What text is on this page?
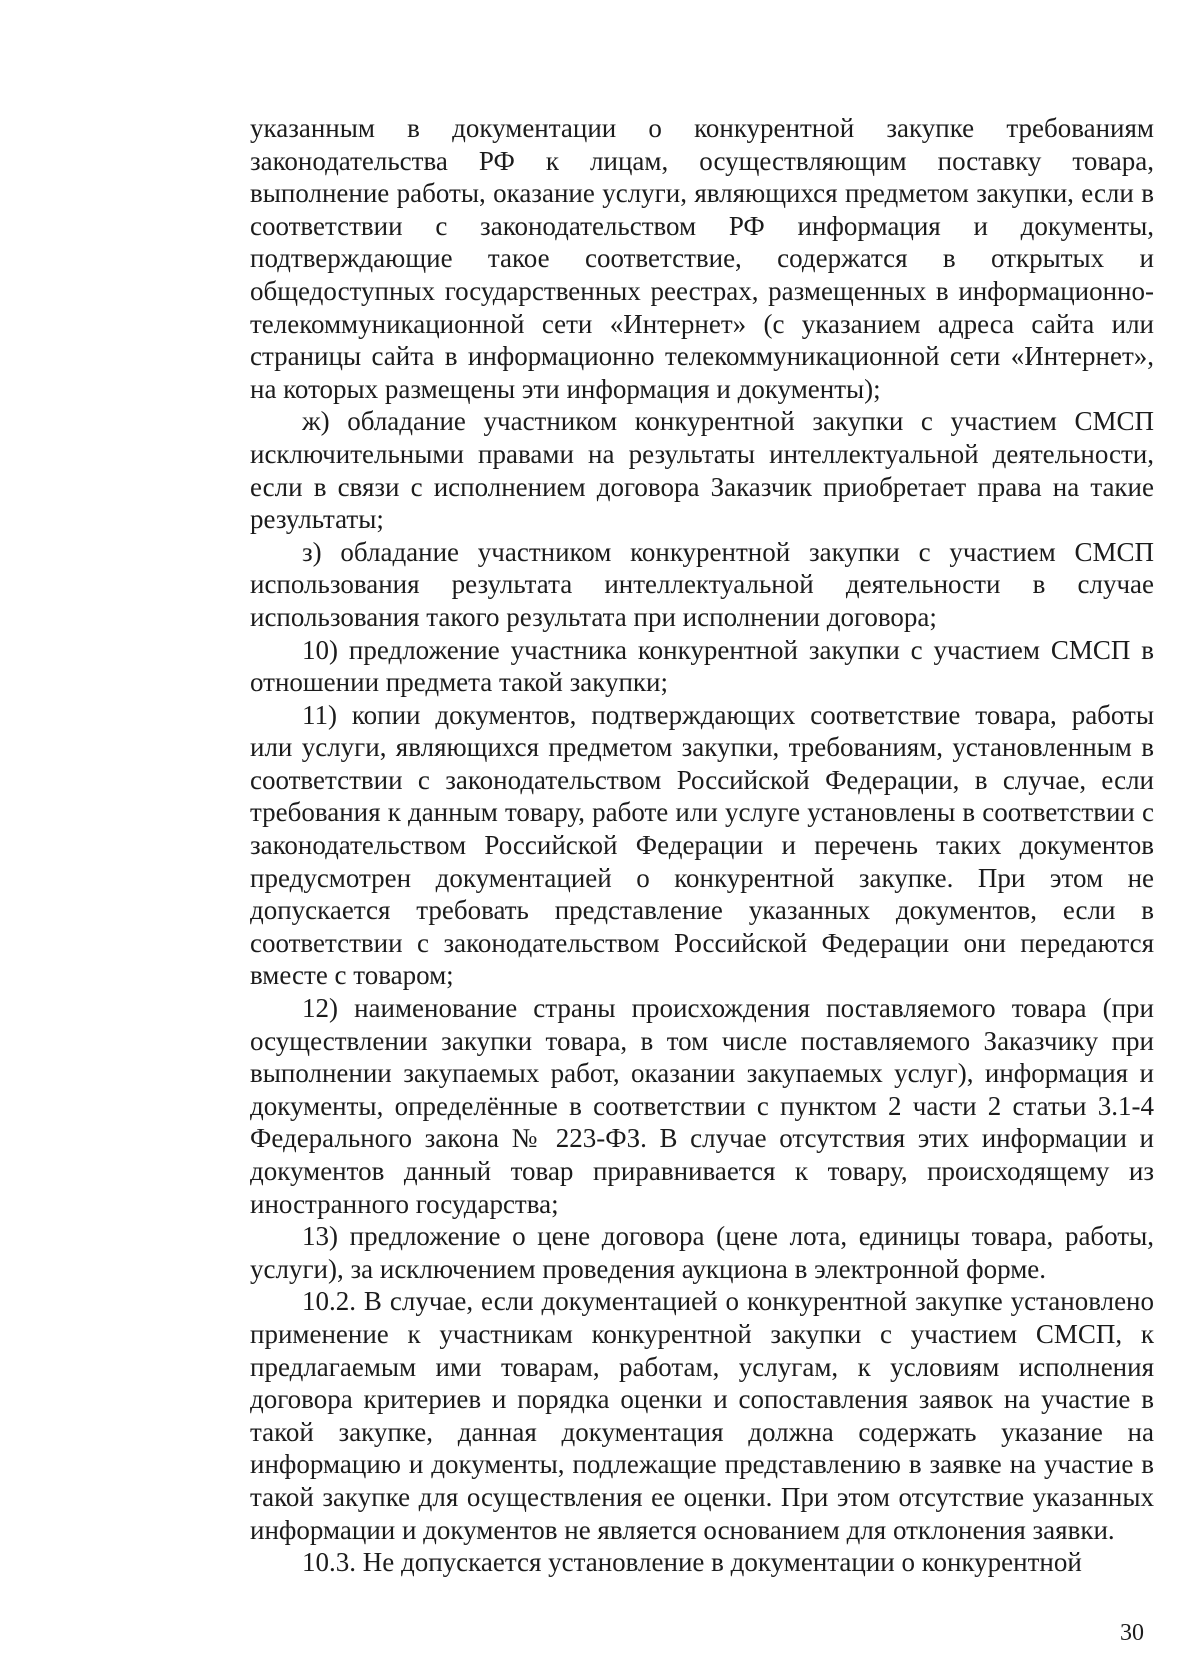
указанным в документации о конкурентной закупке требованиям законодательства РФ к лицам, осуществляющим поставку товара, выполнение работы, оказание услуги, являющихся предметом закупки, если в соответствии с законодательством РФ информация и документы, подтверждающие такое соответствие, содержатся в открытых и общедоступных государственных реестрах, размещенных в информационно-телекоммуникационной сети «Интернет» (с указанием адреса сайта или страницы сайта в информационно телекоммуникационной сети «Интернет», на которых размещены эти информация и документы);

ж) обладание участником конкурентной закупки с участием СМСП исключительными правами на результаты интеллектуальной деятельности, если в связи с исполнением договора Заказчик приобретает права на такие результаты;

з) обладание участником конкурентной закупки с участием СМСП использования результата интеллектуальной деятельности в случае использования такого результата при исполнении договора;

10) предложение участника конкурентной закупки с участием СМСП в отношении предмета такой закупки;

11) копии документов, подтверждающих соответствие товара, работы или услуги, являющихся предметом закупки, требованиям, установленным в соответствии с законодательством Российской Федерации, в случае, если требования к данным товару, работе или услуге установлены в соответствии с законодательством Российской Федерации и перечень таких документов предусмотрен документацией о конкурентной закупке. При этом не допускается требовать представление указанных документов, если в соответствии с законодательством Российской Федерации они передаются вместе с товаром;

12) наименование страны происхождения поставляемого товара (при осуществлении закупки товара, в том числе поставляемого Заказчику при выполнении закупаемых работ, оказании закупаемых услуг), информация и документы, определённые в соответствии с пунктом 2 части 2 статьи 3.1-4 Федерального закона № 223-ФЗ. В случае отсутствия этих информации и документов данный товар приравнивается к товару, происходящему из иностранного государства;

13) предложение о цене договора (цене лота, единицы товара, работы, услуги), за исключением проведения аукциона в электронной форме.

10.2. В случае, если документацией о конкурентной закупке установлено применение к участникам конкурентной закупки с участием СМСП, к предлагаемым ими товарам, работам, услугам, к условиям исполнения договора критериев и порядка оценки и сопоставления заявок на участие в такой закупке, данная документация должна содержать указание на информацию и документы, подлежащие представлению в заявке на участие в такой закупке для осуществления ее оценки. При этом отсутствие указанных информации и документов не является основанием для отклонения заявки.

10.3. Не допускается установление в документации о конкурентной

30
